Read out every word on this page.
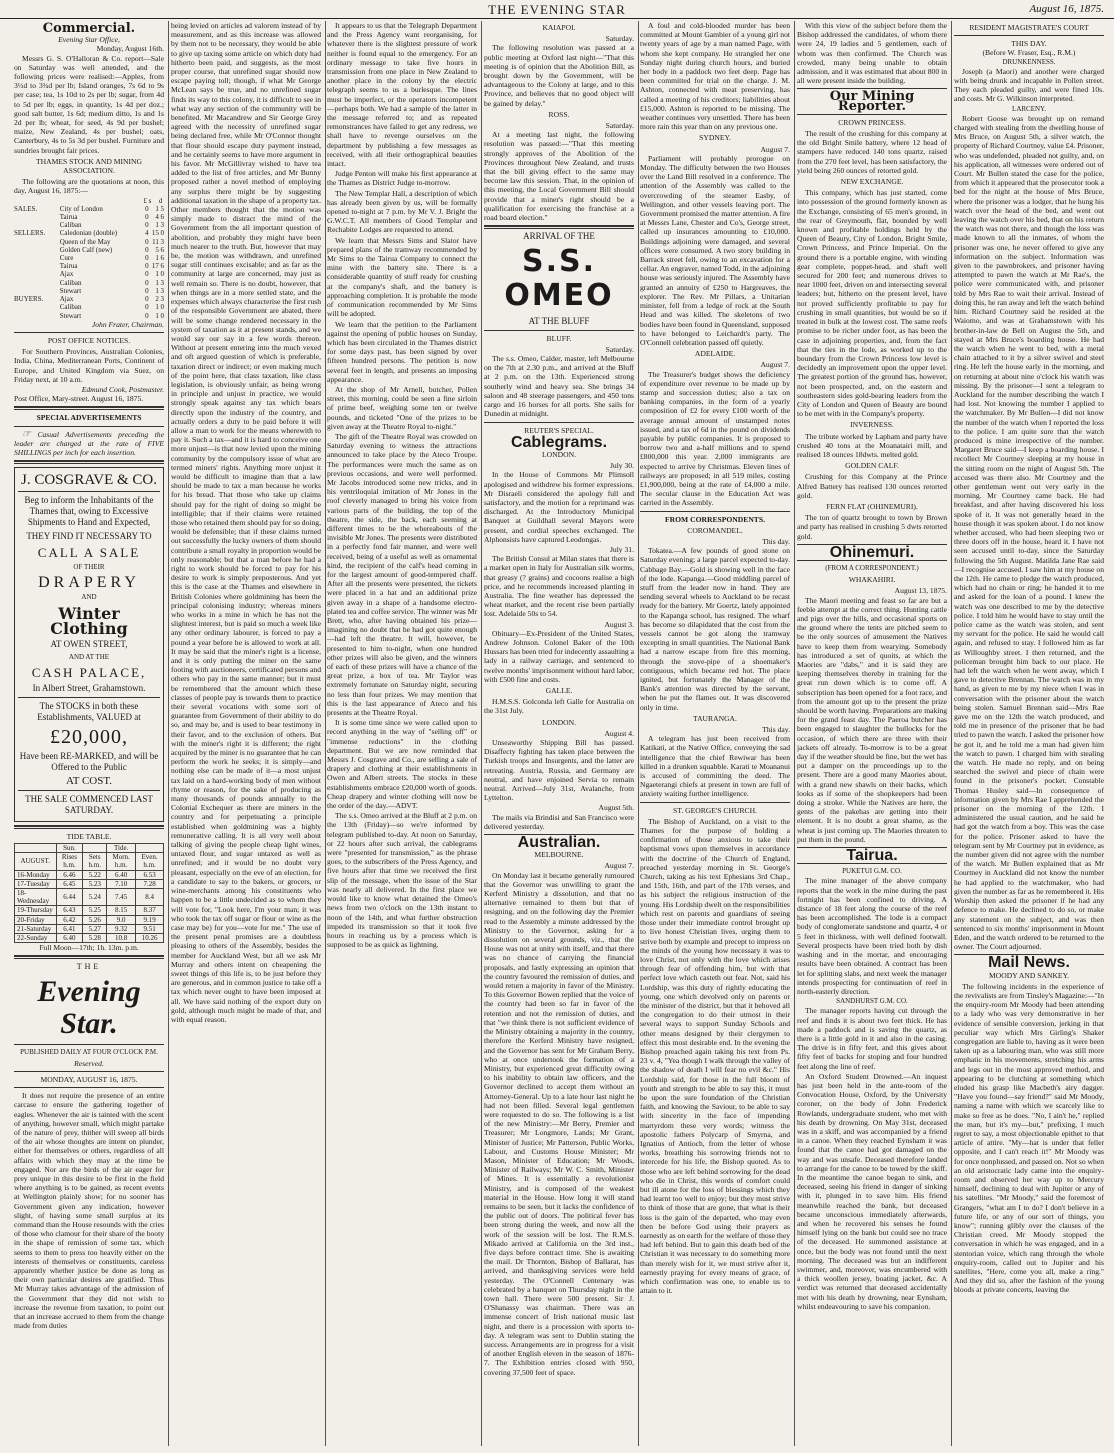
THE EVENING STAR	August 16, 1875.
Commercial.
Evening Star Office,
Monday, August 16th.

Messrs G. S. O'Halloran & Co. report—Sale on Saturday was well attended, and the following prices were realised:—Apples, from 3½d to 3¾d per lb; Island oranges, 7s 6d to 9s per case; tea, 1s 10d to 2s per lb; sugar, from 4d to 5d per lb; eggs, in quantity, 1s 4d per doz.; good salt butter, 1s 6d; medium ditto, 1s and 1s 2d per lb; wheat, for seed, 4s 9d per bushel; maize, New Zealand, 4s per bushel; oats, Canterbury, 4s to 5s 3d per bushel. Furniture and sundries brought fair prices.

THAMES STOCK AND MINING ASSOCIATION.

The following are the quotations at noon, this day, August 16, 1875:—

		£	s	d
SALES.	City of London	0	1	5
	Tairua	0	4	6
	Caliban	0	1	3
SELLERS.	Caledonian (double)	4	15	0
	Queen of the May	0	11	3
	Golden Calf (new)	0	5	6
	Cure	0	1	6
	Tairua	0	17	6
	Ajax	0	1	0
	Caliban	0	1	3
	Stewart	0	1	3
BUYERS.	Ajax	0	2	3
	Caliban	0	1	0
	Stewart	0	1	0
John Frater, Chairman.
POST OFFICE NOTICES.

For Southern Provinces, Australian Colonies, India, China, Mediterranean Ports, Continent of Europe, and United Kingdom via Suez, on Friday next, at 10 a.m.

Edmund Cook, Postmaster.
Post Office, Mary-street. August 16, 1875.
SPECIAL ADVERTISEMENTS

☞ Casual Advertisements preceding the leader are charged at the rate of FIVE SHILLINGS per inch for each insertion.

J. COSGRAVE & CO.
Beg to inform the Inhabitants of the Thames that, owing to Excessive Shipments to Hand and Expected,
THEY FIND IT NECESSARY TO
CALL A SALE
OF THEIR
DRAPERY
AND
Winter Clothing
AT OWEN STREET,
AND AT THE
CASH PALACE,
In Albert Street, Grahamstown.
The STOCKS in both these Establishments, VALUED at
£20,000,
Have been RE-MARKED, and will be Offered to the Public
AT COST.
THE SALE COMMENCED LAST SATURDAY.
TIDE TABLE.
	Sun.		Tide.	
AUGUST.	Rises h.m.	Sets h.m.	Morn. h.m.	Even. h.m.
16-Monday	6.46	5.22	6.40	6.53
17-Tuesday	6.45	5.23	7.10	7.28
18-Wednesday	6.44	5.24	7.45	8.4
19-Thursday	6.43	5.25	8.15	8.37
20-Friday	6.42	5.26	9.0	9.19
21-Saturday	6.41	5.27	9.32	9.51
22-Sunday	6.40	5.28	10.8	10.26
Full Moon—17th; 1h. 13m. p.m.
THE
Evening Star.
PUBLISHED DAILY AT FOUR O'CLOCK P.M.
Reserved.
MONDAY, AUGUST 16, 1875.

It does not require the presence of an entire carcase to ensure the gathering together of eagles. Whenever the air is tainted with the scent of anything, however small, which might partake of the nature of prey, thither will sweep all birds of the air whose thoughts are intent on plunder, either for themselves or others, regardless of all affairs with which they may at the time be engaged. Nor are the birds of the air eager for prey unique in this desire to be first in the field where anything is to be gained, as recent events at Wellington plainly show; for no sooner has Government given any indication, however slight, of having some small surplus at its command than the House resounds with the cries of those who clamour for their share of the booty in the shape of remission of some tax, which seems to them to press too heavily either on the interests of themselves or constituents, careless apparently whether justice be done as long as their own particular desires are gratified. Thus Mr Murray takes advantage of the admission of the Government that they did not wish to increase the revenue from taxation, to point out that an increase accrued to them from the change made from duties

being levied on articles ad valorem instead of by measurement, and as this increase was allowed by them not to be necessary, they would be able to give up taxing some article on which duty had hitherto been paid, and suggests, as the most proper course, that unrefined sugar should now escape paying toll; though, if what Mr George McLean says be true, and no unrefined sugar finds its way to this colony, it is difficult to see in what way any section of the community will be benefited. Mr Macandrew and Sir George Grey agreed with the necessity of unrefined sugar being declared free, while Mr O'Connor thought that flour should escape duty payment instead, and he certainly seems to have more argument in his favor. Mr McGillivray wished to have tea added to the list of free articles, and Mr Bunny proposed rather a novel method of employing any surplus there might be by suggesting additional taxation in the shape of a property tax. Other members thought that the motion was simply made to distract the mind of the Government from the all important question of abolition, and probably they might have been much nearer to the truth. But, however that may be, the motion was withdrawn, and unrefined sugar still continues excisable; and as far as the community at large are concerned, may just as well remain so. There is no doubt, however, that when things are in a more settled state, and the expenses which always characterise the first rush of the responsible Government are abated, there will be some change rendered necessary in the system of taxation as it at present stands, and we would say our say in a few words thereon. Without at present entering into the much vexed and oft argued question of which is preferable, taxation direct or indirect; or even making much of the point here, that class taxation, like class legislation, is obviously unfair, as being wrong in principle and unjust in practice, we would strongly speak against any tax which bears directly upon the industry of the country, and actually orders a duty to be paid before it will allow a man to work for the means wherewith to pay it. Such a tax—and it is hard to conceive one more unjust—is that now levied upon the mining community by the compulsory issue of what are termed miners' rights. Anything more unjust it would be difficult to imagine than that a law should be made to tax a man because he works for his bread. That those who take up claims should pay for the right of doing so might be intelligible; that if their claims were retained those who retained them should pay for so doing, would be defensible; that if these claims turned out successfully the lucky owners of them should contribute a small royalty in proportion would be only reasonable; but that a man before he had a right to work should be forced to pay for his desire to work is simply preposterous. And yet this is the case at the Thames and elsewhere in British Colonies where goldmining has been the principal colonising industry; whereas miners who works in a mine in which he has not the slightest interest, but is paid so much a week like any other ordinary labourer, is forced to pay a pound a year before he is allowed to work at all. It may be said that the miner's right is a license, and it is only putting the miner on the same footing with auctioneers, certificated persons and others who pay in the same manner; but it must be remembered that the amount which these classes of people pay is towards them to practice their several vocations with some sort of guarantee from Government of their ability to do so, and may be, and is used to bear testimony in their favor, and to the exclusion of others. But with the miner's right it is different; the right acquired by the miner is no guarantee that he can perform the work he seeks; it is simply—and nothing else can be made of it—a most unjust tax laid on a hard-working body of men without rhyme or reason, for the sake of producing as many thousands of pounds annually to the Colonial Exchequer as there are miners in the country and for perpetuating a principle established when goldmining was a highly remunerative calling. It is all very well about talking of giving the people cheap light wines, untaxed flour, and sugar untaxed as well as unrefined; and it would be no doubt very pleasant, especially on the eve of an election, for a candidate to say to the bakers, or grocers, or wine-merchants among his constituents who happen to be a little undecided as to whom they will vote for, "Look here, I'm your man; it was who took the tax off sugar or flour or wine as the case may be) for you—vote for me." The use of the present penal promises are a doubtless pleasing to others of the Assembly, besides the member for Auckland West, but all we ask Mr Murray and others intent on cheapening the sweet things of this life is, to be just before they are generous, and in common justice to take off a tax which never ought to have been imposed at all. We have said nothing of the export duty on gold, although much might be made of that, and with equal reason.

It appears to us that the Telegraph Department and the Press Agency want reorganising, for whatever there is the slightest pressure of work neither is found equal to the emergency. For an ordinary message to take five hours in transmission from one place in New Zealand to another place in the colony by the electric telegraph seems to us a burlesque. The lines must be imperfect, or the operators incompetent—perhaps both. We had a sample of the latter in the message referred to; and as repeated remonstrances have failed to get any redress, we shall have to revenge ourselves on the department by publishing a few messages as received, with all their orthographical beauties intact.

Judge Penton will make his first appearance at the Thames as District Judge to-morrow.

The New Templar Hall, a description of which has already been given by us, will be formally opened to-night at 7 p.m. by Mr V. J. Bright the G.W.C.T. All members of Good Templar and Rechabite Lodges are requested to attend.

We learn that Messrs Sims and Slator have prepared plans of the tramway recommended by Mr Sims to the Tairua Company to connect the mine with the battery site. There is a considerable quantity of stuff ready for crushing at the company's shaft, and the battery is approaching completion. It is probable the mode of communication recommended by Mr Sims will be adopted.

We learn that the petition to the Parliament against the opening of public houses on Sunday, which has been circulated in the Thames district for some days past, has been signed by over fifteen hundred persons. The petition is now several feet in length, and presents an imposing appearance.

At the shop of Mr Arnell, butcher, Pollen street, this morning, could be seen a fine sirloin of prime beef, weighing some ten or twelve pounds, and ticketed "One of the prizes to be given away at the Theatre Royal to-night."

The gift of the Theatre Royal was crowded on Saturday evening to witness the attractions announced to take place by the Ateco Troupe. The performances were much the same as on previous occasions, and were well performed. Mr Jacobs introduced some new tricks, and in his ventriloquial imitation of Mr Jones in the roof cleverly managed to bring his voice from various parts of the building, the top of the theatre, the side, the back, each seeming at different times to be the whereabouts of the invisible Mr Jones. The presents were distributed in a perfectly fond fair manner, and were well received, being of a useful as well as ornamental kind, the recipient of the calf's head coming in for the largest amount of good-tempered chaff. After all the presents were presented, the tickets were placed in a hat and an additional prize given away in a shape of a handsome electro-plated tea and coffee service. The winner was Mr Brett, who, after having obtained his prize—imagining no doubt that he had got quite enough—had left the theatre. It will, however, be presented to him to-night, when one hundred other prizes will also be given, and the winners of each of these prizes will have a chance of the great prize, a box of tea. Mr Taylor was extremely fortunate on Saturday night, securing no less than four prizes. We may mention that this is the last appearance of Ateco and his presents at the Theatre Royal.

It is some time since we were called upon to record anything in the way of "selling off" or "immense reductions" in the clothing department. But we are now reminded that Messrs J. Cosgrave and Co., are selling a sale of drapery and clothing at their establishments in Owen and Albert streets. The stocks in these establishments embrace £20,000 worth of goods. Cheap drapery and winter clothing will now be the order of the day.—ADVT.

The s.s. Omeo arrived at the Bluff at 2 p.m. on the 13th (Friday)—so we're informed by telegram published to-day. At noon on Saturday, or 22 hours after such arrival, the cablegrams were "presented for transmission," as the phrase goes, to the subscribers of the Press Agency, and five hours after that time we received the first slip of the message, when the issue of the Star was nearly all delivered. In the first place we would like to know what detained the Omeo's news from two o'clock on the 13th instant to noon of the 14th, and what further obstruction impeded its transmission so that it took five hours in reaching us by a process which is supposed to be as quick as lightning.

KAIAPOI.
Saturday.

The following resolution was passed at a public meeting at Oxford last night—"That this meeting is of opinion that the Abolition Bill, as brought down by the Government, will be advantageous to the Colony at large, and to this Province, and believes that no good object will be gained by delay."

ROSS.
Saturday.

At a meeting last night, the following resolution was passed:—"That this meeting strongly approves of the Abolition of the Provinces throughout New Zealand, and trusts that the bill giving effect to the same may become law this session. That, in the opinion of this meeting, the Local Government Bill should provide that a miner's right should be a qualification for exercising the franchise at a road board election."

ARRIVAL OF THE
S.S. OMEO
AT THE BLUFF
BLUFF.
Saturday.

The s.s. Omeo, Calder, master, left Melbourne on the 7th at 2.30 p.m., and arrived at the Bluff at 2 p.m. on the 13th. Experienced strong southerly wind and heavy sea. She brings 34 saloon and 48 steerage passengers, and 450 tons cargo and 16 horses for all ports. She sails for Dunedin at midnight.

REUTER'S SPECIAL.
Cablegrams.
LONDON.
July 30.

In the House of Commons Mr Plimsoll apologised and withdrew his former expressions. Mr Disraeli considered the apology full and satisfactory, and the motion for a reprimand was discharged. At the Introductory Municipal Banquet at Guildhall several Mayors were present, and cordial speeches exchanged. The Alphonsists have captured Leodongas.

July 31.

The British Consul at Milan states that there is a market open in Italy for Australian silk worms, that greasy (? grains) and cocoons realise a high price, and he recommends increased planting in Australia. The fine weather has depressed the wheat market, and the recent rise been partially lost. Adelaide 50s to 54.

August 3.

Obituary—Ex-President of the United States, Andrew Johnson. Colonel Baker of the 10th Hussars has been tried for indecently assaulting a lady in a railway carriage, and sentenced to twelve months' imprisonment without hard labor, with £500 fine and costs.

GALLE.

H.M.S.S. Golconda left Galle for Australia on the 31st July.

LONDON.
August 4.

Unseaworthy Shipping Bill has passed. Disaffecty fighting has taken place between the Turkish troops and Insurgents, and the latter are retreating. Austria, Russia, and Germany are neutral, and have enjoined Servia to remain neutral. Arrived—July 31st, Avalanche, from Lyttelton.

August 5th.

The mails via Brindisi and San Francisco were delivered yesterday.

Australian.
MELBOURNE.
August 7.

On Monday last it became generally rumoured that the Governor was unwilling to grant the Kerferd Ministry a dissolution, and that no alternative remained to them but that of resigning, and on the following day the Premier read to the Assembly a minute addressed by the Ministry to the Governor, asking for a dissolution on several grounds, viz., that the House was not at unity with itself, and that there was no chance of carrying the financial proposals, and lastly expressing an opinion that the country favoured the remission of duties, and would return a majority in favor of the Ministry. To this Governor Bowen replied that the voice of the country had been so far in favor of the retention and not the remission of duties, and that "we think there is not sufficient evidence of the Ministry obtaining a majority in the country, therefore the Kerferd Ministry have resigned, and the Governor has sent for Mr Graham Berry, who at once undertook the formation of a Ministry, but experienced great difficulty owing to his inability to obtain law officers, and the Governor declined to accept them without an Attorney-General. Up to a late hour last night he had not been filled. Several legal gentlemen were requested to do so. The following is a list of the new Ministry:—Mr Berry, Premier and Treasurer; Mr Longmore, Lands; Mr Grant, Minister of Justice; Mr Patterson, Public Works, Labour, and Customs House Minister; Mr Mason, Minister of Education; Mr Woods, Minister of Railways; Mr W. C. Smith, Minister of Mines. It is essentially a revolutionist Ministry, and is composed of the weakest material in the House. How long it will stand remains to be seen, but it lacks the confidence of the public out of doors. The political fever has been strong during the week, and now all the work of the session will be lost. The R.M.S. Mikado arrived at California on the 3rd inst., five days before contract time. She is awaiting the mail. Dr Thornton, Bishop of Ballarat, has arrived, and thanksgiving services were held yesterday. The O'Connell Centenary was celebrated by a banquet on Thursday night in the town hall. There were 500 present. Sir J. O'Shanassy was chairman. There was an immense concert of Irish national music last night, and there is a procession with sports to-day. A telegram was sent to Dublin stating the success. Arrangements are in progress for a visit of another English eleven in the season of 1876-7. The Exhibition entries closed with 950, covering 37,500 feet of space.

A foul and cold-blooded murder has been committed at Mount Gambier of a young girl not twenty years of age by a man named Page, with whom she kept company. He strangled her one Sunday night during church hours, and buried her body in a paddock two feet deep. Page has been committed for trial on the charge. J. M. Ashton, connected with meat preserving, has called a meeting of his creditors; liabilities about £15,000. Ashton is reported to be missing. The weather continues very unsettled. There has been more rain this year than on any previous one.

SYDNEY.
August 7.

Parliament will probably prorogue on Monday. The difficulty between the two Houses over the Land Bill resolved in a conference. The attention of the Assembly was called to the overcrowding of the steamer Easby, of Wellington, and other vessels leaving port. The Government promised the matter attention. A fire at Messrs Lane, Chester and Co's, George street, called up insurances amounting to £10,000. Buildings adjoining were damaged, and several offices were consumed. A two story building in Barrack street fell, owing to an excavation for a cellar. An engraver, named Todd, in the adjoining house was seriously injured. The Assembly have granted an annuity of £250 to Hargreaves, the explorer. The Rev. Mr Pillars, a Unitarian minister, fell from a ledge of rock at the South Head and was killed. The skeletons of two bodies have been found in Queensland, supposed to have belonged to Leichardt's party. The O'Connell celebration passed off quietly.

ADELAIDE.
August 7.

The Treasurer's budget shows the deficiency of expenditure over revenue to be made up by stamp and succession duties; also a tax on banking companies, in the form of a yearly composition of £2 for every £100 worth of the average annual amount of unstamped notes issued, and a tax of 6d in the pound on dividends payable by public companies. It is proposed to borrow two and a-half millions and to spend £800,000 this year. 2,000 immigrants are expected to arrive by Christmas. Eleven lines of railways are proposed; in all 519 miles, costing £1,900,000, being at the rate of £4,000 a mile. The secular clause in the Education Act was carried in the Assembly.

FROM CORRESPONDENTS.
COROMANDEL.
This day.

Tokatea.—A few pounds of good stone on Saturday evening; a large parcel expected to-day. Cabbage Bay.—Gold is showing well in the face of the lode. Kapanga.—Good middling parcel of stuff from the leader now in hand. They are sending several wheels to Auckland to be recast ready for the battery. Mr Goertz, lately appointed to the Kapanga school, has resigned. The wharf has become so dilapidated that the cost from the vessels cannot be got along the tramway excepting in small quantities. The National Bank had a narrow escape from fire this morning, through the stove-pipe of a shoemaker's contiguous, which became red hot. The place ignited, but fortunately the Manager of the Bank's attention was directed by the servant, when he put the flames out. It was discovered only in time.

TAURANGA.
This day.

A telegram has just been received from Katikati, at the Native Office, conveying the sad intelligence that the chief Rewiwar has been killed in a drunken squabble. Karati te Moananui is accused of committing the deed. The Ngaeterangi chiefs at present in town are full of anxiety waiting further intelligence.

ST. GEORGE'S CHURCH.

The Bishop of Auckland, on a visit to the Thames for the purpose of holding a confirmation of those anxious to take their baptismal vows upon themselves in accordance with the doctrine of the Church of England, preached yesterday morning in St. George's Church, taking as his text Ephesians 3rd Chap., and 15th, 16th, and part of the 17th verses, and as his subject the religious instruction of the young. His Lordship dwelt on the responsibilities which rest on parents and guardians of seeing those under their immediate control brought up to live honest Christian lives, urging them to strive both by example and precept to impress on the minds of the young how necessary it was to love Christ, not only with the love which arises through fear of offending him, but with that perfect love which casteth out fear. Not, said his Lordship, was this duty of rightly educating the young, one which devolved only on parents or the minister of the district, but that it behoved all the congregation to do their utmost in their several ways to support Sunday Schools and other means designed by their clergymen to effect this most desirable end. In the evening the Bishop preached again taking his text from Ps. 23 v. 4, "Yea though I walk through the valley of the shadow of death I will fear no evil &c." His Lordship said, for those in the full bloom of youth and strength to be able to say this, it must be upon the sure foundation of the Christian faith, and knowing the Saviour, to be able to say with sincerity in the face of impending martyrdom these very words; witness the apostolic fathers Polycarp of Smyrna, and Ignatius of Antioch, from the letter of whose works, breathing his sorrowing friends not to intercede for his life, the Bishop quoted. As to those who are left behind sorrowing for the dead who die in Christ, this words of comfort could but ill atone for the loss of blessings which they had learnt too well to enjoy; but they must strive to think of those that are gone, that what is their loss is the gain of the departed, who may even then be before God using their prayers as earnestly as on earth for the welfare of those they had left behind. But to gain this death bed of the Christian it was necessary to do something more than merely wish for it, we must strive after it, earnestly praying for every means of grace, of which confirmation was one, to enable us to attain to it.

With this view of the subject before them the Bishop addressed the candidates, of whom there were 24, 19 ladies and 5 gentlemen, each of whom was then confirmed. The Church was crowded, many being unable to obtain admission, and it was estimated that about 800 in all were present inside the building.

Our Mining Reporter.
CROWN PRINCESS.

The result of the crushing for this company at the old Bright Smile battery, where 12 head of stampers have reduced 140 tons quartz, raised from the 270 feet level, has been satisfactory, the yield being 260 ounces of retorted gold.

NEW EXCHANGE.

This company, which has just started, come into possession of the ground formerly known as the Exchange, consisting of 65 men's ground, in the rear of Greymouth, flat, bounded by well known and profitable holdings held by the Queen of Beauty, City of London, Bright Smile, Crown Princess, and Prince Imperial. On the ground there is a portable engine, with winding gear complete, poppet-head, and shaft well secured for 200 feet; and numerous drives to near 1000 feet, driven on and intersecting several leaders; but, hitherto on the present level, have not proved sufficiently profitable to pay for crushing in small quantities, but would be so if treated in bulk at the lowest cost. The same reefs promise to be richer under foot, as has been the case in adjoining properties, and, from the fact that the ties in the lode, as worked up to the boundary from the Crown Princess low level is decidedly an improvement upon the upper level. The greatest portion of the ground has, however, not been prospected, and, on the eastern and southeastern sides gold-bearing leaders from the City of London and Queen of Beauty are bound to be met with in the Company's property.

INVERNESS.

The tribute worked by Lapham and party have crushed 40 tons at the Moanatairi mill, and realised 18 ounces 18dwts. melted gold.

GOLDEN CALF.

Crushing for this Company at the Prince Alfred Battery has realised 130 ounces retorted gold.

FERN FLAT (OHINEMURI).

The ton of quartz brought to town by Brown and party has realised in crushing 5 dwts retorted gold.

Ohinemuri.
(FROM A CORRESPONDENT.)
WHAKAHIRI.
August 13, 1875.

The Maori meeting and feast so far are but a feeble attempt at the correct thing. Hunting cattle and pigs over the hills, and occasional sports on the ground where the tents are pitched seem to be the only sources of amusement the Natives have to keep them from wearying. Somebody has introduced a set of quoits, at which the Maories are "dabs," and it is said they are keeping themselves thereby in training for the great run down which is to come off. A subscription has been opened for a foot race, and from the amount got up to the present the prize should be worth having. Preparations are making for the grand feast day. The Paeroa butcher has been engaged to slaughter the bullocks for the occasion, of which there are three with their jackets off already. To-morrow is to be a great day if the weather should be fine, but the wet has put a damper on the proceedings up to the present. There are a good many Maories about, with a grand new shawls on their backs, which looks as if some of the shopkeepers had been doing a stroke. While the Natives are here, the gents of the pakehas are getting into their element. It is no doubt a great shame, as the wheat is just coming up. The Maories threaten to put them in the pound.

Tairua.
PUKETUI G.M. CO.

The mine manager of the above company reports that the work in the mine during the past fortnight has been confined to driving. A distance of 18 feet along the course of the reef has been accomplished. The lode is a compact body of conglomerate sandstone and quartz, 4 or 5 feet in thickness, with well defined footwall. Several prospects have been tried both by dish washing and in the mortar, and encouraging results have been obtained. A contract has been let for splitting slabs, and next week the manager intends prospecting for continuation of reef in north-easterly direction.

SANDHURST G.M. CO.

The manager reports having cut through the reef and finds it is about two feet thick. He has made a paddock and is saving the quartz, as there is a little gold in it and also in the casing. The drive is in fifty feet, and this gives about fifty feet of backs for stoping and four hundred feet along the line of reef.

An Oxford Student Drowned.—An inquest has just been held in the ante-room of the Convocation House, Oxford, by the University coroner, on the body of John Frederick Rowlands, undergraduate student, who met with his death by drowning. On May 31st, deceased was in a skiff, and was accompanied by a friend in a canoe. When they reached Eynsham it was found that the canoe had got damaged on the way and was unsafe. Deceased therefore landed to arrange for the canoe to be towed by the skiff. In the meantime the canoe began to sink, and deceased, seeing his friend in danger of sinking with it, plunged in to save him. His friend meanwhile reached the bank, but deceased became unconscious immediately afterwards, and when he recovered his senses he found himself lying on the bank but could see no trace of the deceased. He summoned assistance at once, but the body was not found until the next morning. The deceased was but an indifferent swimmer, and, moreover, was encumbered with a thick woollen jersey, boating jacket, &c. A verdict was returned that deceased accidentally met with his death by drowning, near Eynsham, whilst endeavouring to save his companion.

RESIDENT MAGISTRATE'S COURT
THIS DAY.
(Before W. Fraser, Esq., R.M.)
DRUNKENNESS.

Joseph (a Maori) and another were charged with being drunk and incapable in Pollen street. They each pleaded guilty, and were fined 10s. and costs. Mr G. Wilkinson interpreted.

LARCENY.

Robert Goose was brought up on remand charged with stealing from the dwelling house of Mrs Bruce, on August 5th, a silver watch, the property of Richard Courtney, value £4. Prisoner, who was undefended, pleaded not guilty, and, on his application, all witnesses were ordered out of Court. Mr Bullen stated the case for the police, from which it appeared that the prosecutor took a bed for the night at the house of Mrs Bruce, where the prisoner was a lodger, that he hung his watch over the head of the bed, and went out leaving the watch over his bed, that on his return the watch was not there, and though the loss was made known to all the inmates, of whom the prisoner was one, he never offered to give any information on the subject. Information was given to the pawnbrokers, and prisoner having attempted to pawn the watch at Mr Rae's, the police were communicated with, and prisoner told by Mrs Rae to wait their arrival. Instead of doing this, he ran away and left the watch behind him. Richard Courtney said he resided at the Waiomo, and was at Grahamstown with his brother-in-law de Bell on August the 5th, and stayed at Mrs Bruce's boarding house. He had the watch when he went to bed, with a metal chain attached to it by a silver swivel and steel ring. He left the house early in the morning, and on returning at about nine o'clock his watch was missing. By the prisoner—I sent a telegram to Auckland for the number describing the watch I had lost. Not knowing the number I applied to the watchmaker. By Mr Bullen—I did not know the number of the watch when I reported the loss to the police. I am quite sure that the watch produced is mine irrespective of the number. Margaret Bruce said—I keep a boarding house. I recollect Mr Courtney sleeping at my house in the sitting room on the night of August 5th. The accused was there also. Mr Courtney and the other gentleman went out very early in the morning. Mr Courtney came back. He had breakfast, and after having discovered his loss spoke of it. It was not generally heard in the house though it was spoken about. I do not know whether accused, who had been sleeping two or three doors off in the house, heard it. I have not seen accused until to-day, since the Saturday following the 5th August. Matilda Jane Rae said—I recognise accused. I saw him at my house on the 12th. He came to pledge the watch produced, which had no chain or ring; he handed it to me and asked for the loan of a pound. I knew the watch was one described to me by the detective police. I told him he would have to stay until the police came as the watch was stolen, and sent my servant for the police. He said he would call again, and refused to stay. I followed him as far as Willoughby street. I then returned, and the policeman brought him back to our place. He had left the watch when he went away, which I gave to detective Brennan. The watch was in my hand, as given to me by my niece when I was in conversation with the prisoner about the watch being stolen. Samuel Brennan said—Mrs Rae gave me on the 12th the watch produced, and told me in presence of the prisoner that he had tried to pawn the watch. I asked the prisoner how he got it, and he told me a man had given him the watch to pawn. I charged him with stealing the watch. He made no reply, and on being searched the swivel and piece of chain were found in the prisoner's pocket. Constable Thomas Husley said—In consequence of information given by Mrs Rae I apprehended the prisoner on the morning of the 12th. I administered the usual caution, and he said he had got the watch from a boy. This was the case for the police. Prisoner asked to have the telegram sent by Mr Courtney put in evidence, as the number given did not agree with the number of the watch. Mr Bullen explained that as Mr Courtney in Auckland did not know the number he had applied to the watchmaker, who had given the number as far as he remembered it. His Worship then asked the prisoner if he had any defence to make. He declined to do so, or make any statement on the subject, and was then sentenced to six months' imprisonment in Mount Eden, and the watch ordered to be returned to the owner. The Court adjourned.

Mail News.
MOODY AND SANKEY.

The following incidents in the experience of the revivalists are from Tinsley's Magazine:—"In the enquiry-room Mr Moody had been attending to a lady who was very demonstrative in her evidence of sensible conversion, jerking in that peculiar way which Mrs Girling's Shaker congregation are liable to, having as it were been taken up as a labouring man, who was still more emphatic in his movements, stretching his arms and legs out in the most approved method, and appearing to be clutching at something which eluded his grasp like Macbeth's airy dagger. "Have you found—say friend?" said Mr Moody, naming a name with which we scarcely like to make so free as he does. "No, I ain't he," replied the man, but it's my—but," prefixing, I much regret to say, a most objectionable epithet to that article of attire. "My—hat is under that feller opposite, and I can't reach it!" Mr Moody was for once nonplussed, and passed on. Not so when an old aristocratic lady came into the enquiry-room and observed her way up to Mercury himself, declining to deal with Jupiter or any of his satellites. "Mr Moody," said the foremost of Grangers, "what am I to do? I don't believe in a future life, or any of our sort of things, you know"; running glibly over the clauses of the Christian creed. Mr Moody stopped the conversation in which he was engaged, and in a stentorian voice, which rang through the whole enquiry-room, called out to Jupiter and his satellites, "Here, come you all, make a ring." And they did so, after the fashion of the young bloods at private concerts, leaving the
